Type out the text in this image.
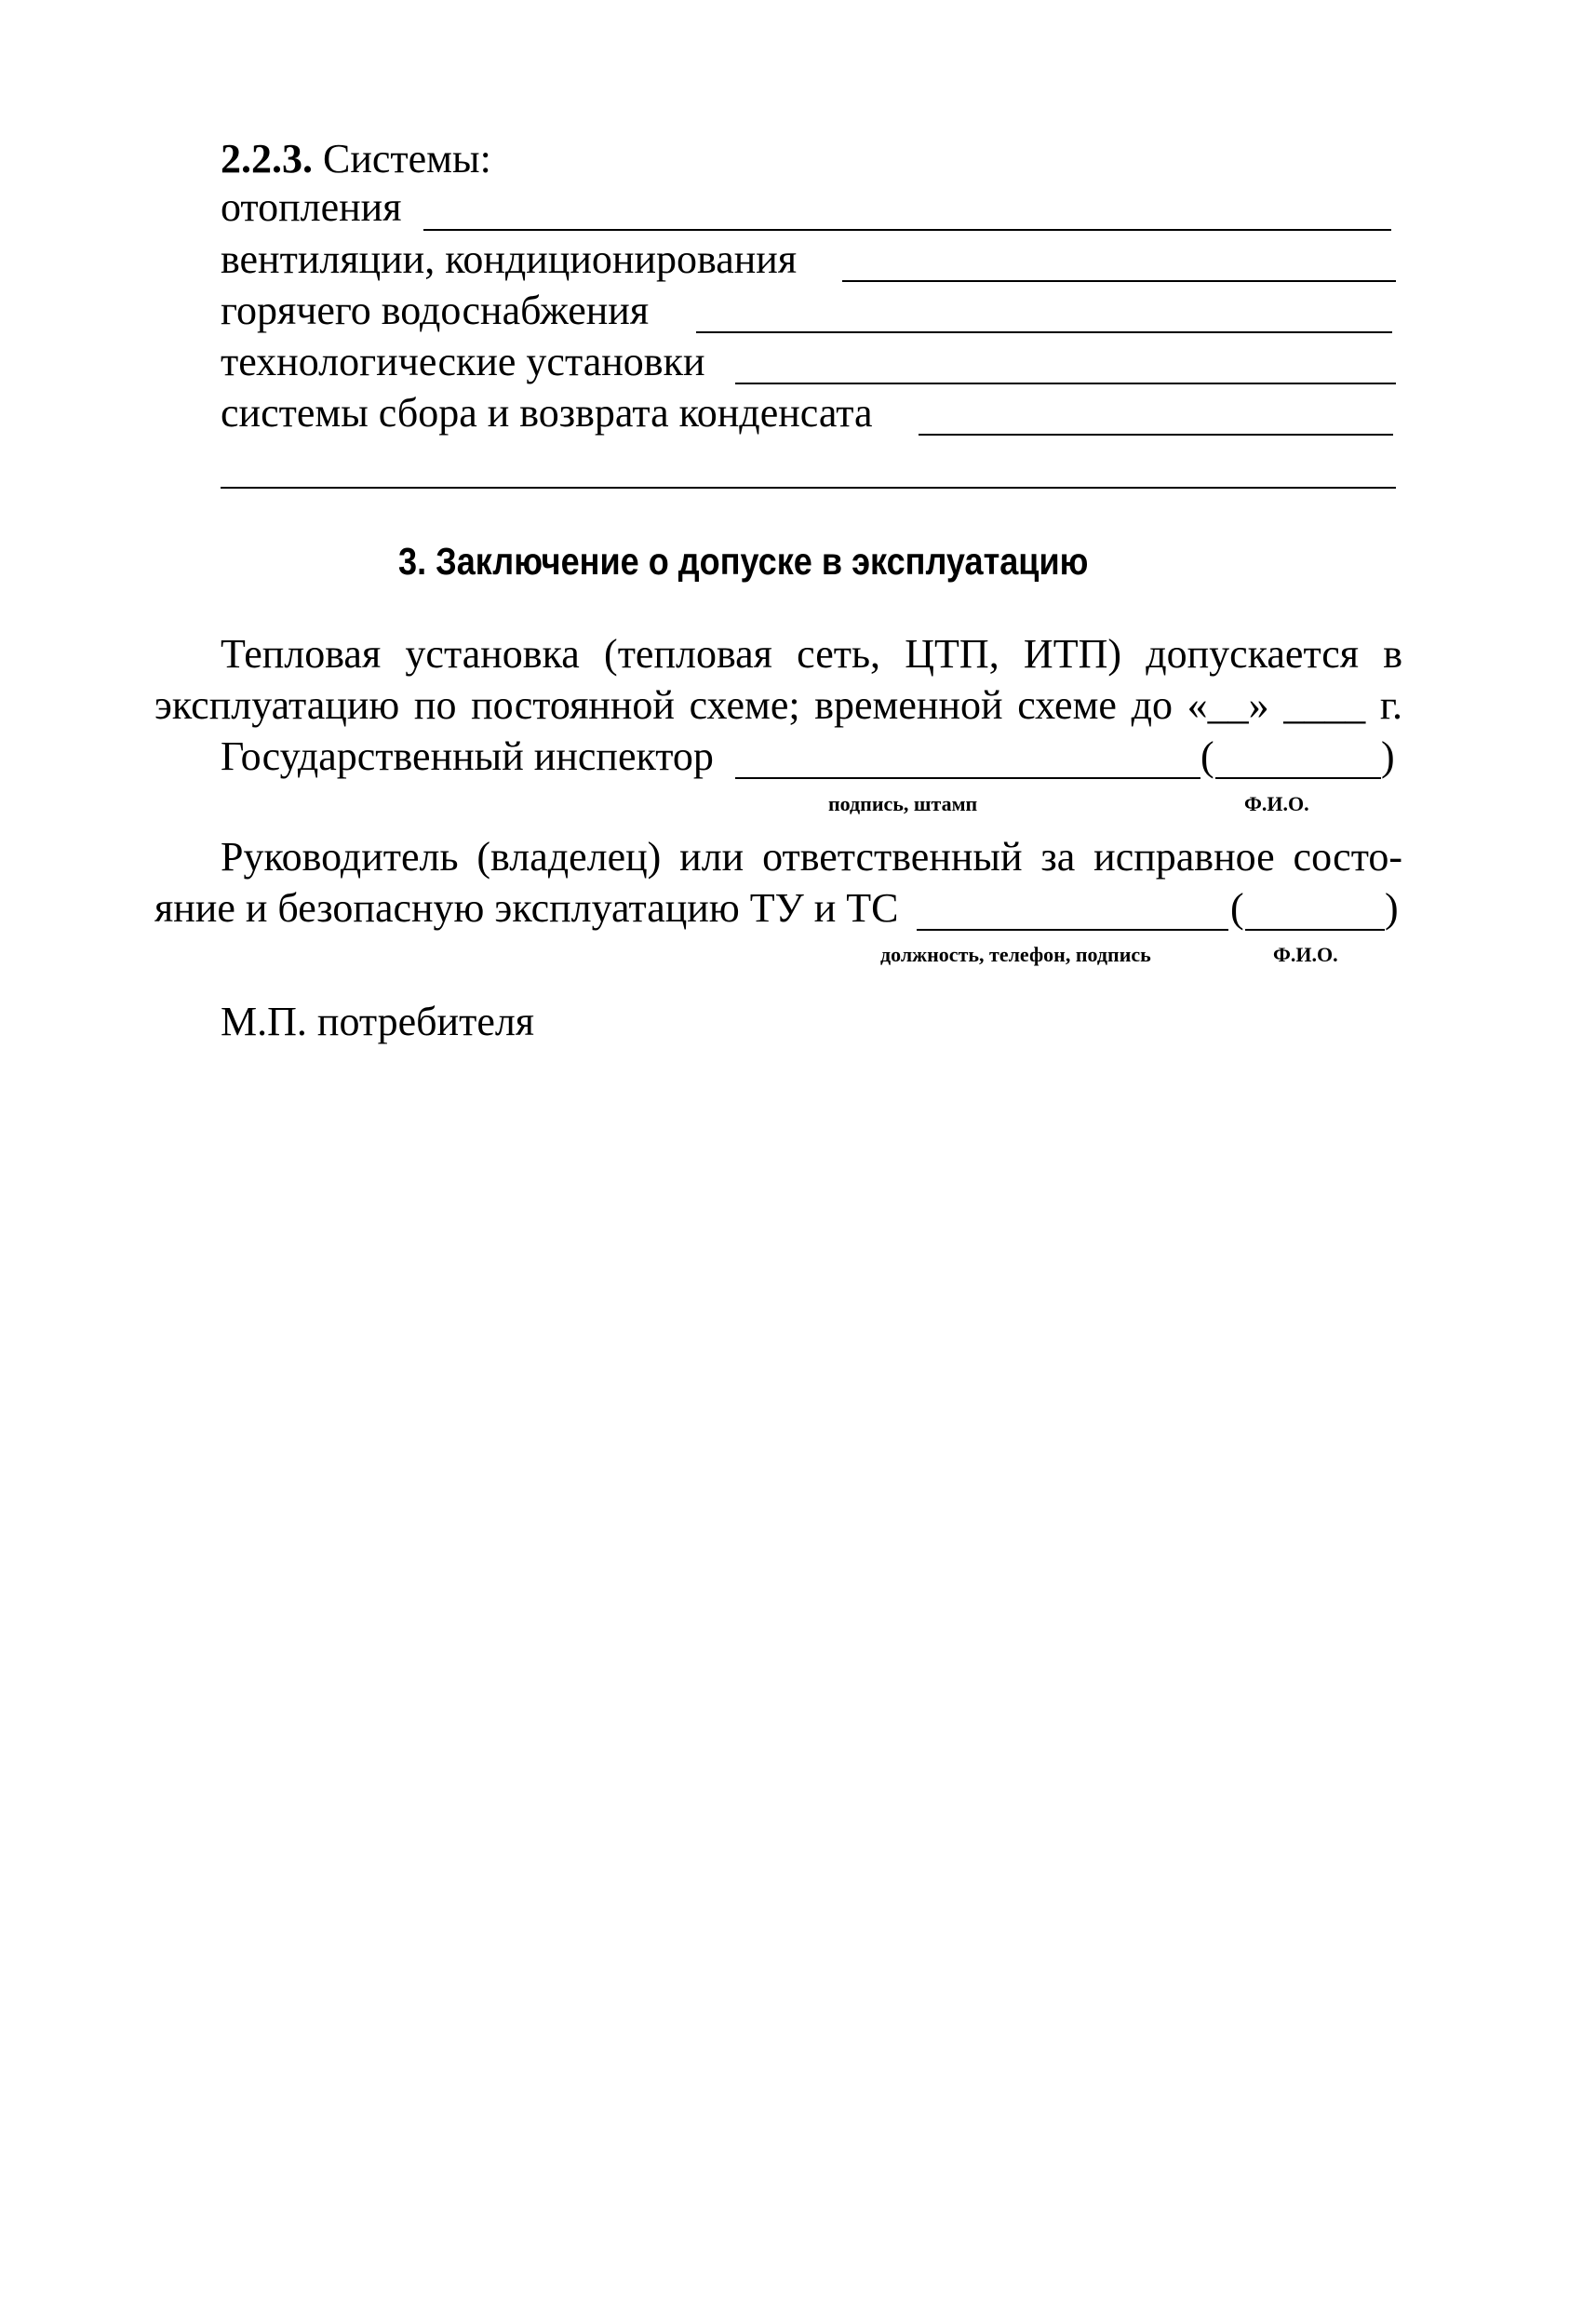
2.2.3. Системы:
отопления
вентиляции, кондиционирования
горячего водоснабжения
технологические установки
системы сбора и возврата конденсата
3. Заключение о допуске в эксплуатацию
Тепловая установка (тепловая сеть, ЦТП, ИТП) допускается в
эксплуатацию по постоянной схеме; временной схеме до «__» ____ г.
Государственный инспектор	(	)
подпись, штамп	Ф.И.О.
Руководитель (владелец) или ответственный за исправное состо-
яние и безопасную эксплуатацию ТУ и ТС	(	)
должность, телефон, подпись	Ф.И.О.
М.П. потребителя
